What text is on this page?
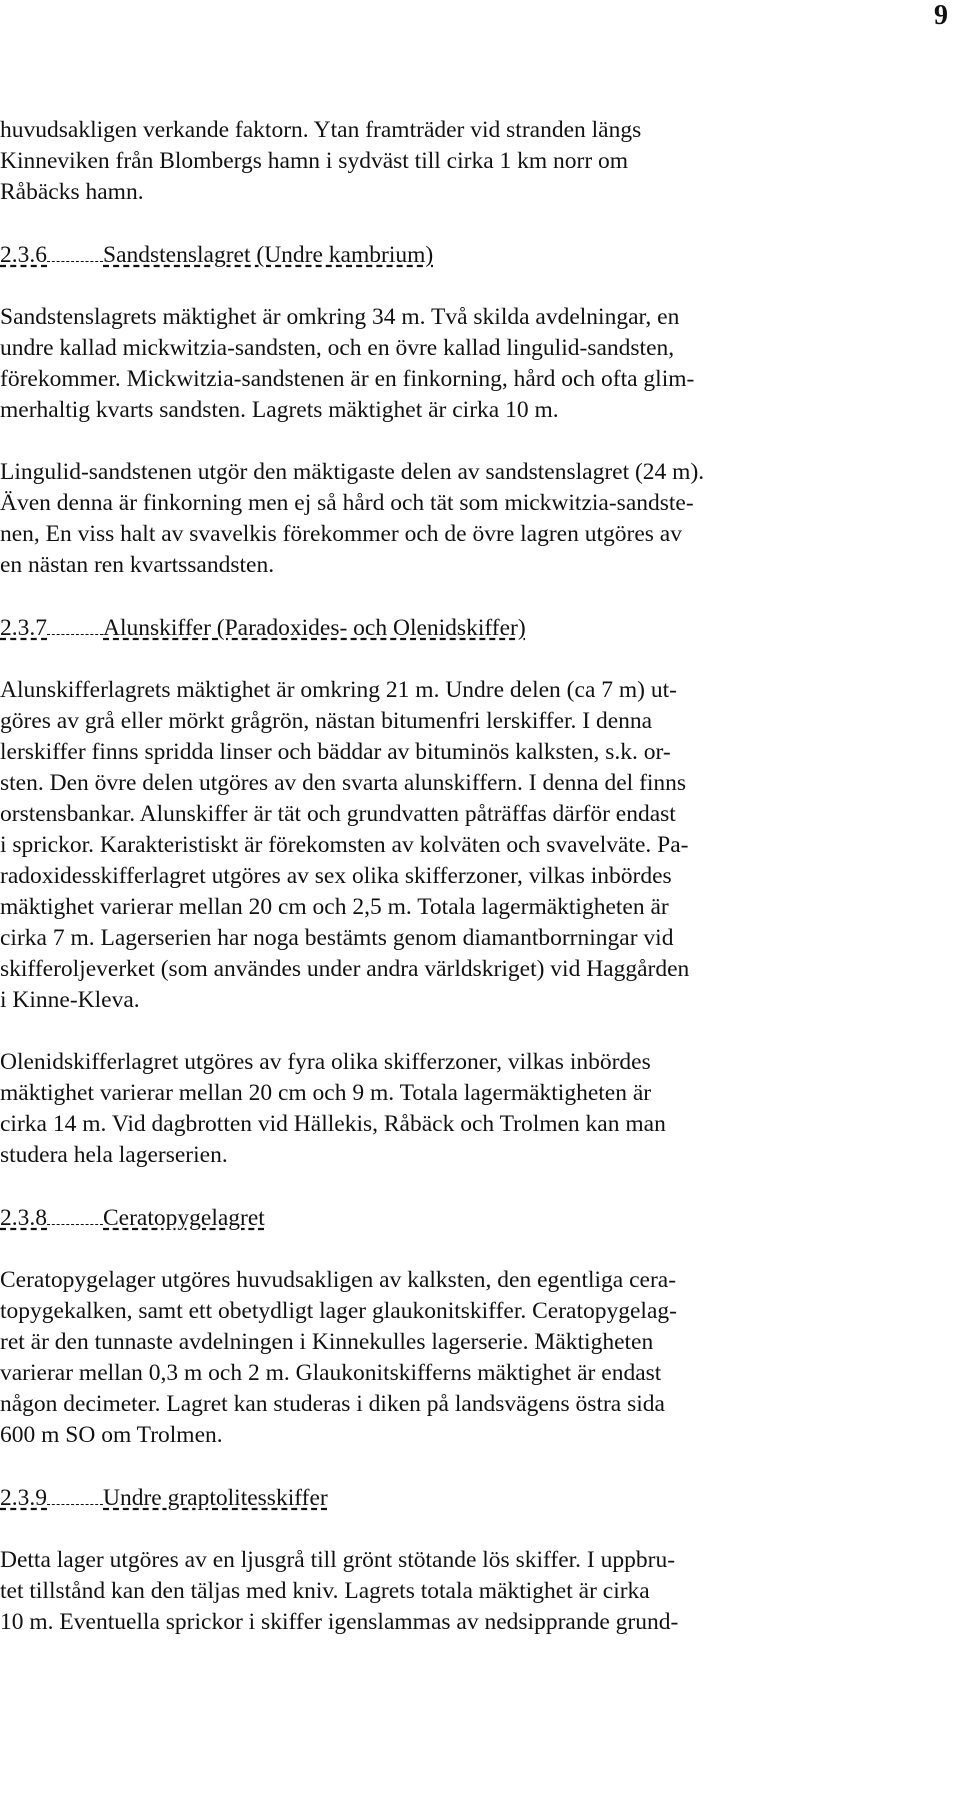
9

huvudsakligen verkande faktorn. Ytan framträder vid stranden längs
Kinneviken från Blombergs hamn i sydväst till cirka 1 km norr om
Råbäcks hamn.

2.3.6 Sandstenslagret (Undre kambrium)

Sandstenslagrets mäktighet är omkring 34 m. Två skilda avdelningar, en
undre kallad mickwitzia-sandsten, och en övre kallad lingulid-sandsten,
förekommer. Mickwitzia-sandstenen är en finkorning, hård och ofta glim-
merhaltig kvarts sandsten. Lagrets mäktighet är cirka 10 m.

Lingulid-sandstenen utgör den mäktigaste delen av sandstenslagret (24 m).
Även denna är finkorning men ej så hård och tät som mickwitzia-sandste-
nen, En viss halt av svavelkis förekommer och de övre lagren utgöres av
en nästan ren kvartssandsten.

2.3.7 Alunskiffer (Paradoxides- och Olenidskiffer)

Alunskifferlagrets mäktighet är omkring 21 m. Undre delen (ca 7 m) ut-
göres av grå eller mörkt grågrön, nästan bitumenfri lerskiffer. I denna
lerskiffer finns spridda linser och bäddar av bituminös kalksten, s.k. or-
sten. Den övre delen utgöres av den svarta alunskiffern. I denna del finns
orstensbankar. Alunskiffer är tät och grundvatten påträffas därför endast
i sprickor. Karakteristiskt är förekomsten av kolväten och svavelväte. Pa-
radoxidesskifferlagret utgöres av sex olika skifferzoner, vilkas inbördes
mäktighet varierar mellan 20 cm och 2,5 m. Totala lagermäktigheten är
cirka 7 m. Lagerserien har noga bestämts genom diamantborrningar vid
skifferoljeverket (som användes under andra världskriget) vid Haggården
i Kinne-Kleva.

Olenidskifferlagret utgöres av fyra olika skifferzoner, vilkas inbördes
mäktighet varierar mellan 20 cm och 9 m. Totala lagermäktigheten är
cirka 14 m. Vid dagbrotten vid Hällekis, Råbäck och Trolmen kan man
studera hela lagerserien.

2.3.8 Ceratopygelagret

Ceratopygelager utgöres huvudsakligen av kalksten, den egentliga cera-
topygekalken, samt ett obetydligt lager glaukonitskiffer. Ceratopygelag-
ret är den tunnaste avdelningen i Kinnekulles lagerserie. Mäktigheten
varierar mellan 0,3 m och 2 m. Glaukonitskifferns mäktighet är endast
någon decimeter. Lagret kan studeras i diken på landsvägens östra sida
600 m SO om Trolmen.

2.3.9 Undre graptolitesskiffer

Detta lager utgöres av en ljusgrå till grönt stötande lös skiffer. I uppbru-
tet tillstånd kan den täljas med kniv. Lagrets totala mäktighet är cirka
10 m. Eventuella sprickor i skiffer igenslammas av nedsipprande grund-
